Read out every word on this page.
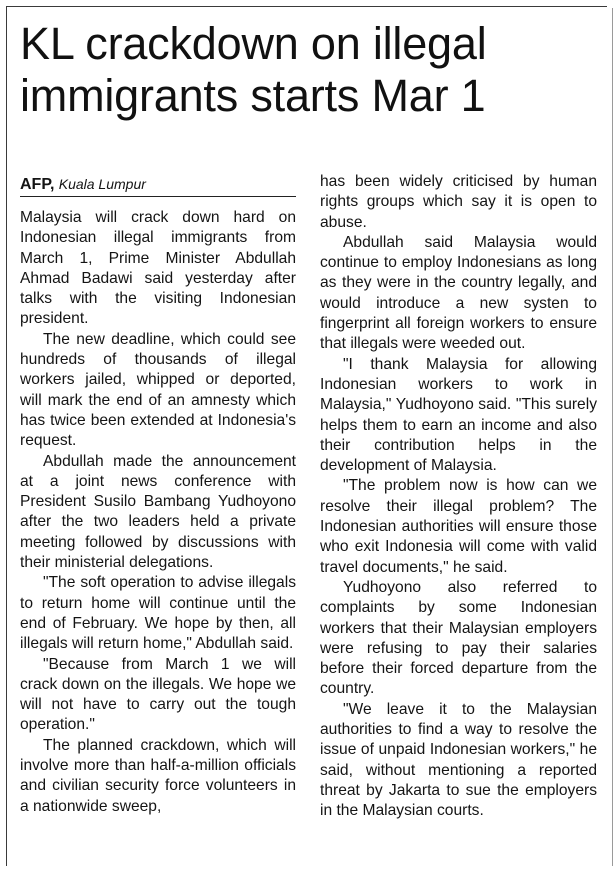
KL crackdown on illegal immigrants starts Mar 1
AFP, Kuala Lumpur

Malaysia will crack down hard on Indonesian illegal immigrants from March 1, Prime Minister Abdullah Ahmad Badawi said yesterday after talks with the visiting Indonesian president.

The new deadline, which could see hundreds of thousands of illegal workers jailed, whipped or deported, will mark the end of an amnesty which has twice been extended at Indonesia's request.

Abdullah made the announcement at a joint news conference with President Susilo Bambang Yudhoyono after the two leaders held a private meeting followed by discussions with their ministerial delegations.

"The soft operation to advise illegals to return home will continue until the end of February. We hope by then, all illegals will return home," Abdullah said.

"Because from March 1 we will crack down on the illegals. We hope we will not have to carry out the tough operation."

The planned crackdown, which will involve more than half-a-million officials and civilian security force volunteers in a nationwide sweep,

has been widely criticised by human rights groups which say it is open to abuse.

Abdullah said Malaysia would continue to employ Indonesians as long as they were in the country legally, and would introduce a new systen to fingerprint all foreign workers to ensure that illegals were weeded out.

"I thank Malaysia for allowing Indonesian workers to work in Malaysia," Yudhoyono said. "This surely helps them to earn an income and also their contribution helps in the development of Malaysia.

"The problem now is how can we resolve their illegal problem? The Indonesian authorities will ensure those who exit Indonesia will come with valid travel documents," he said.

Yudhoyono also referred to complaints by some Indonesian workers that their Malaysian employers were refusing to pay their salaries before their forced departure from the country.

"We leave it to the Malaysian authorities to find a way to resolve the issue of unpaid Indonesian workers," he said, without mentioning a reported threat by Jakarta to sue the employers in the Malaysian courts.
